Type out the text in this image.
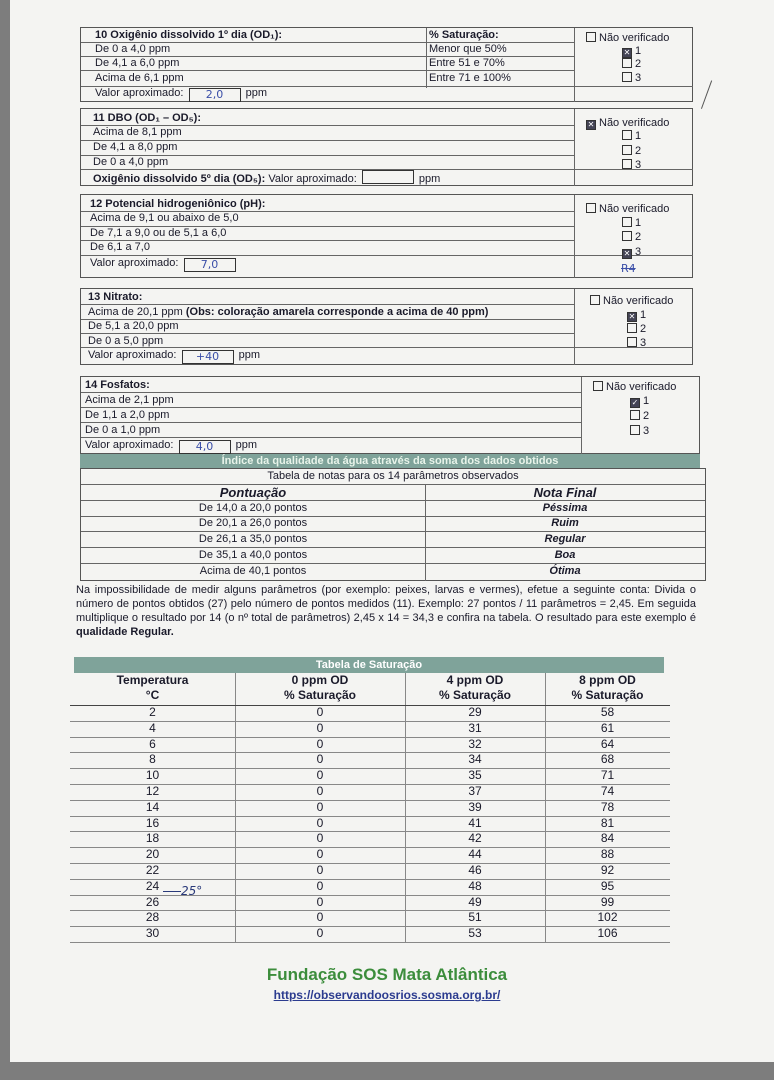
10 Oxigênio dissolvido 1º dia (OD₁):
De 0 a 4,0 ppm
De 4,1 a 6,0 ppm
Acima de 6,1 ppm
Valor aproximado: 2,0 ppm
% Saturação:
Menor que 50%
Entre 51 e 70%
Entre 71 e 100%
Não verificado
✕ 1
2
3
11 DBO (OD₁ – OD₅):
Acima de 8,1 ppm
De 4,1 a 8,0 ppm
De 0 a 4,0 ppm
Oxigênio dissolvido 5º dia (OD₅): Valor aproximado:	ppm
✕ Não verificado
1
2
3
12 Potencial hidrogeniônico (pH):
Acima de 9,1 ou abaixo de 5,0
De 7,1 a 9,0 ou de 5,1 a 6,0
De 6,1 a 7,0
Valor aproximado: 7,0
Não verificado
1
2
✕ 3
R4
13 Nitrato:
Acima de 20,1 ppm (Obs: coloração amarela corresponde a acima de 40 ppm)
De 5,1 a 20,0 ppm
De 0 a 5,0 ppm
Valor aproximado: +40 ppm
Não verificado
✕ 1
2
3
14 Fosfatos:
Acima de 2,1 ppm
De 1,1 a 2,0 ppm
De 0 a 1,0 ppm
Valor aproximado: 4,0 ppm
Não verificado
✓ 1
2
3
Índice da qualidade da água através da soma dos dados obtidos
Tabela de notas para os 14 parâmetros observados
Pontuação	Nota Final
De 14,0 a 20,0 pontos	Péssima
De 20,1 a 26,0 pontos	Ruim
De 26,1 a 35,0 pontos	Regular
De 35,1 a 40,0 pontos	Boa
Acima de 40,1 pontos	Ótima
Na impossibilidade de medir alguns parâmetros (por exemplo: peixes, larvas e vermes), efetue a seguinte conta: Divida o número de pontos obtidos (27) pelo número de pontos medidos (11). Exemplo: 27 pontos / 11 parâmetros = 2,45. Em seguida multiplique o resultado por 14 (o nº total de parâmetros) 2,45 x 14 = 34,3 e confira na tabela. O resultado para este exemplo é qualidade Regular.
Tabela de Saturação
Temperatura
°C
0 ppm OD
% Saturação
4 ppm OD
% Saturação
8 ppm OD
% Saturação
2	0	29	58
4	0	31	61
6	0	32	64
8	0	34	68
10	0	35	71
12	0	37	74
14	0	39	78
16	0	41	81
18	0	42	84
20	0	44	88
22	0	46	92
24	0	48	95
26	0	49	99
28	0	51	102
30	0	53	106
25°
Fundação SOS Mata Atlântica
https://observandoosrios.sosma.org.br/
